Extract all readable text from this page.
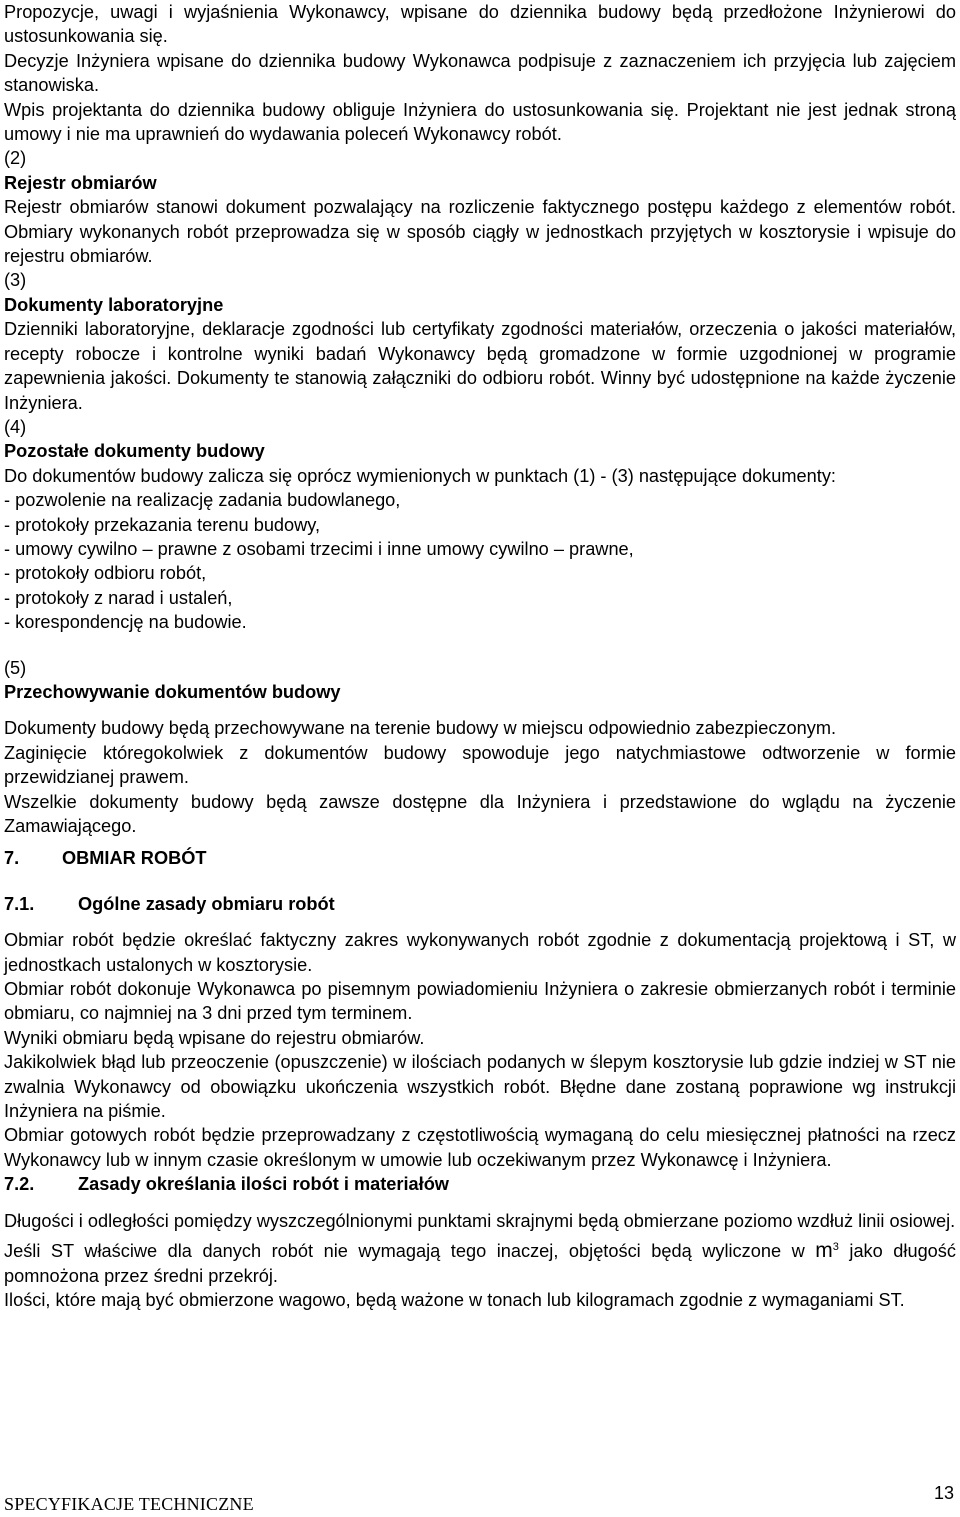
Propozycje, uwagi i wyjaśnienia Wykonawcy, wpisane do dziennika budowy będą przedłożone Inżynierowi do ustosunkowania się.

Decyzje Inżyniera wpisane do dziennika budowy Wykonawca podpisuje z zaznaczeniem ich przyjęcia lub zajęciem stanowiska.

Wpis projektanta do dziennika budowy obliguje Inżyniera do ustosunkowania się. Projektant nie jest jednak stroną umowy i nie ma uprawnień do wydawania poleceń Wykonawcy robót.

(2)

Rejestr obmiarów

Rejestr obmiarów stanowi dokument pozwalający na rozliczenie faktycznego postępu każdego z elementów robót. Obmiary wykonanych robót przeprowadza się w sposób ciągły w jednostkach przyjętych w kosztorysie i wpisuje do rejestru obmiarów.

(3)

Dokumenty laboratoryjne

Dzienniki laboratoryjne, deklaracje zgodności lub certyfikaty zgodności materiałów, orzeczenia o jakości materiałów, recepty robocze i kontrolne wyniki badań Wykonawcy będą gromadzone w formie uzgodnionej w programie zapewnienia jakości. Dokumenty te stanowią załączniki do odbioru robót. Winny być udostępnione na każde życzenie Inżyniera.

(4)

Pozostałe dokumenty budowy

Do dokumentów budowy zalicza się oprócz wymienionych w punktach (1) - (3) następujące dokumenty:

- pozwolenie na realizację zadania budowlanego,
- protokoły przekazania terenu budowy,
- umowy cywilno – prawne z osobami trzecimi i inne umowy cywilno – prawne,
- protokoły odbioru robót,
- protokoły z narad i ustaleń,
- korespondencję na budowie.

(5)

Przechowywanie dokumentów budowy

Dokumenty budowy będą przechowywane na terenie budowy w miejscu odpowiednio zabezpieczonym.

Zaginięcie któregokolwiek z dokumentów budowy spowoduje jego natychmiastowe odtworzenie w formie przewidzianej prawem.

Wszelkie dokumenty budowy będą zawsze dostępne dla Inżyniera i przedstawione do wglądu na życzenie Zamawiającego.

7.	OBMIAR ROBÓT
7.1.	Ogólne zasady obmiaru robót

Obmiar robót będzie określać faktyczny zakres wykonywanych robót zgodnie z dokumentacją projektową i ST, w jednostkach ustalonych w kosztorysie.

Obmiar robót dokonuje Wykonawca po pisemnym powiadomieniu Inżyniera o zakresie obmierzanych robót i terminie obmiaru, co najmniej na 3 dni przed tym terminem.

Wyniki obmiaru będą wpisane do rejestru obmiarów.

Jakikolwiek błąd lub przeoczenie (opuszczenie) w ilościach podanych w ślepym kosztorysie lub gdzie indziej w ST nie zwalnia Wykonawcy od obowiązku ukończenia wszystkich robót. Błędne dane zostaną poprawione wg instrukcji Inżyniera na piśmie.

Obmiar gotowych robót będzie przeprowadzany z częstotliwością wymaganą do celu miesięcznej płatności na rzecz Wykonawcy lub w innym czasie określonym w umowie lub oczekiwanym przez Wykonawcę i Inżyniera.

7.2.	Zasady określania ilości robót i materiałów

Długości i odległości pomiędzy wyszczególnionymi punktami skrajnymi będą obmierzane poziomo wzdłuż linii osiowej.

Jeśli ST właściwe dla danych robót nie wymagają tego inaczej, objętości będą wyliczone w $m^3$ jako długość pomnożona przez średni przekrój.

Ilości, które mają być obmierzone wagowo, będą ważone w tonach lub kilogramach zgodnie z wymaganiami ST.

SPECYFIKACJE TECHNICZNE
13
